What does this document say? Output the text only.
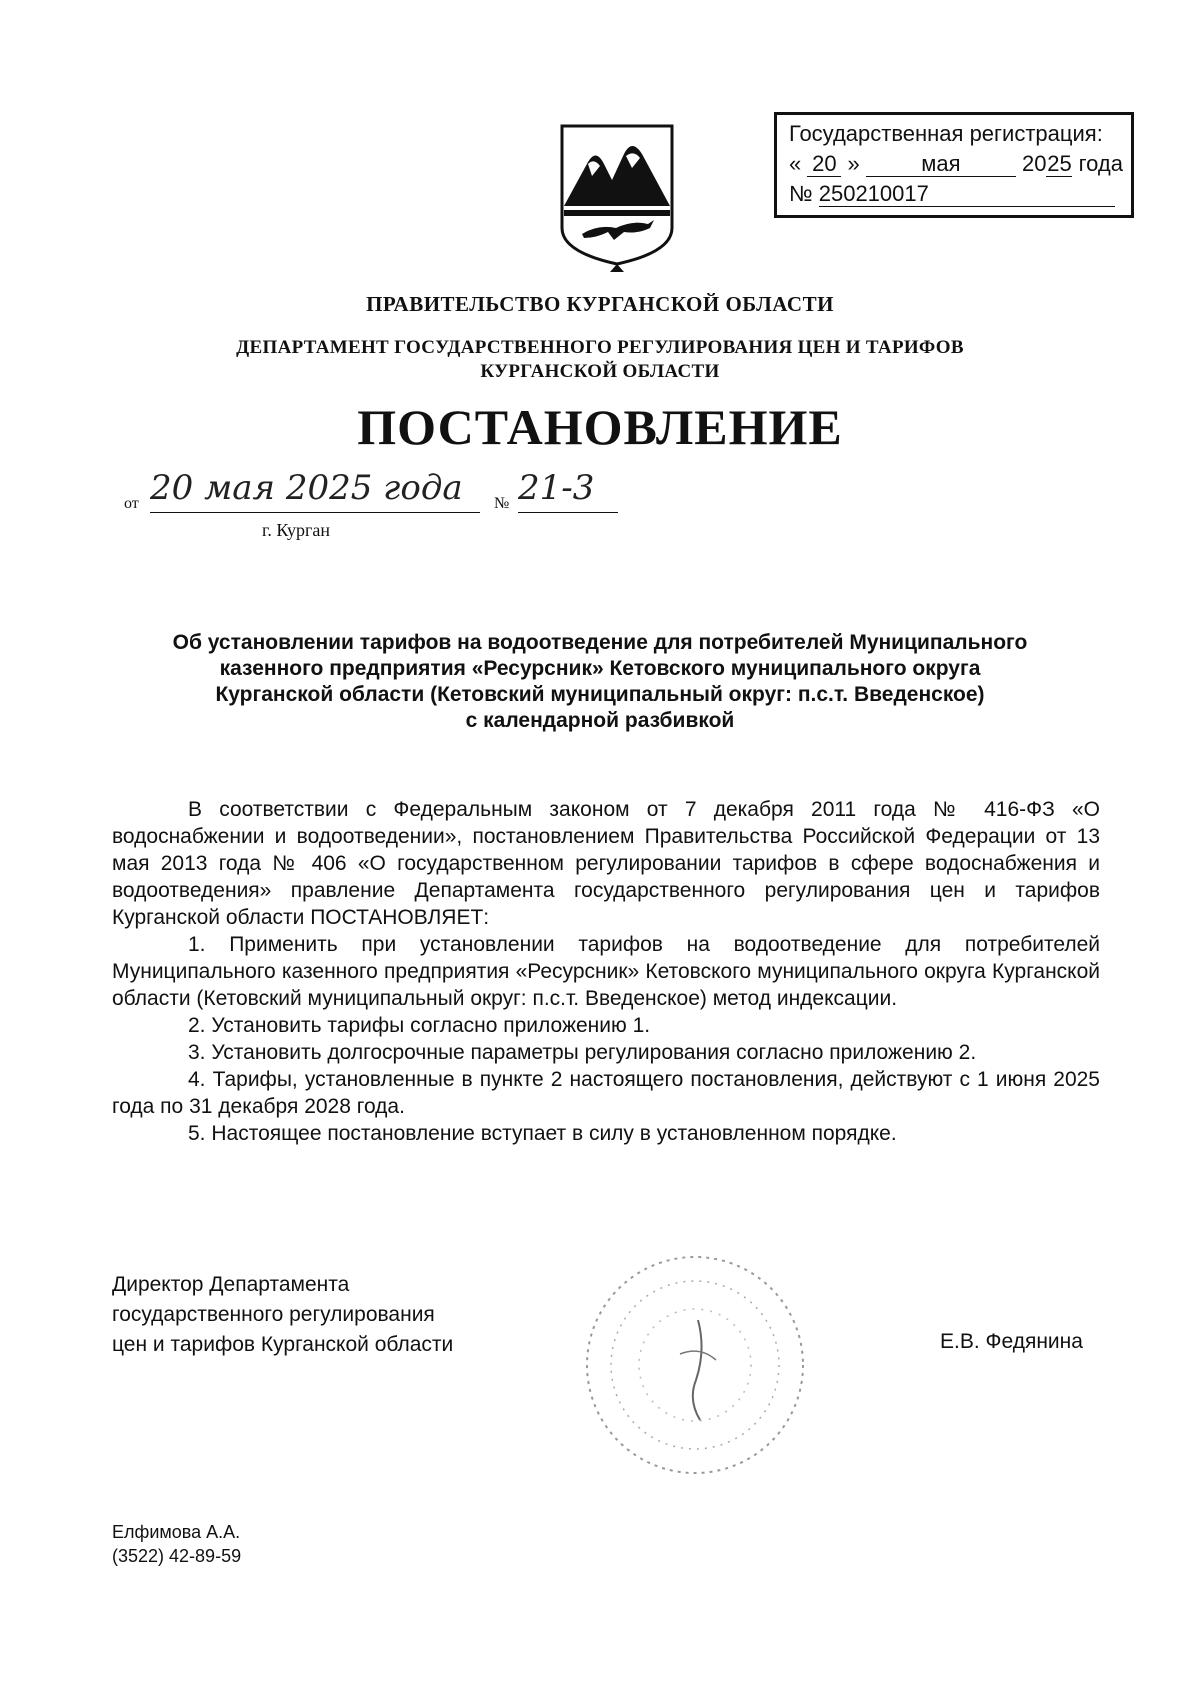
Государственная регистрация:
« 20 »	мая	2025 года
№ 250210017
ПРАВИТЕЛЬСТВО КУРГАНСКОЙ ОБЛАСТИ
ДЕПАРТАМЕНТ ГОСУДАРСТВЕННОГО РЕГУЛИРОВАНИЯ ЦЕН И ТАРИФОВ
КУРГАНСКОЙ ОБЛАСТИ
ПОСТАНОВЛЕНИЕ
от 20 мая 2025 года	№ 21-3
г. Курган
Об установлении тарифов на водоотведение для потребителей Муниципального
казенного предприятия «Ресурсник» Кетовского муниципального округа
Курганской области (Кетовский муниципальный округ: п.с.т. Введенское)
с календарной разбивкой

В соответствии с Федеральным законом от 7 декабря 2011 года № 416-ФЗ «О водоснабжении и водоотведении», постановлением Правительства Российской Федерации от 13 мая 2013 года № 406 «О государственном регулировании тарифов в сфере водоснабжения и водоотведения» правление Департамента государственного регулирования цен и тарифов Курганской области ПОСТАНОВЛЯЕТ:

1. Применить при установлении тарифов на водоотведение для потребителей Муниципального казенного предприятия «Ресурсник» Кетовского муниципального округа Курганской области (Кетовский муниципальный округ: п.с.т. Введенское) метод индексации.

2. Установить тарифы согласно приложению 1.

3. Установить долгосрочные параметры регулирования согласно приложению 2.

4. Тарифы, установленные в пункте 2 настоящего постановления, действуют с 1 июня 2025 года по 31 декабря 2028 года.

5. Настоящее постановление вступает в силу в установленном порядке.

Директор Департамента
государственного регулирования
цен и тарифов Курганской области	Е.В. Федянина
Елфимова А.А.
(3522) 42-89-59
